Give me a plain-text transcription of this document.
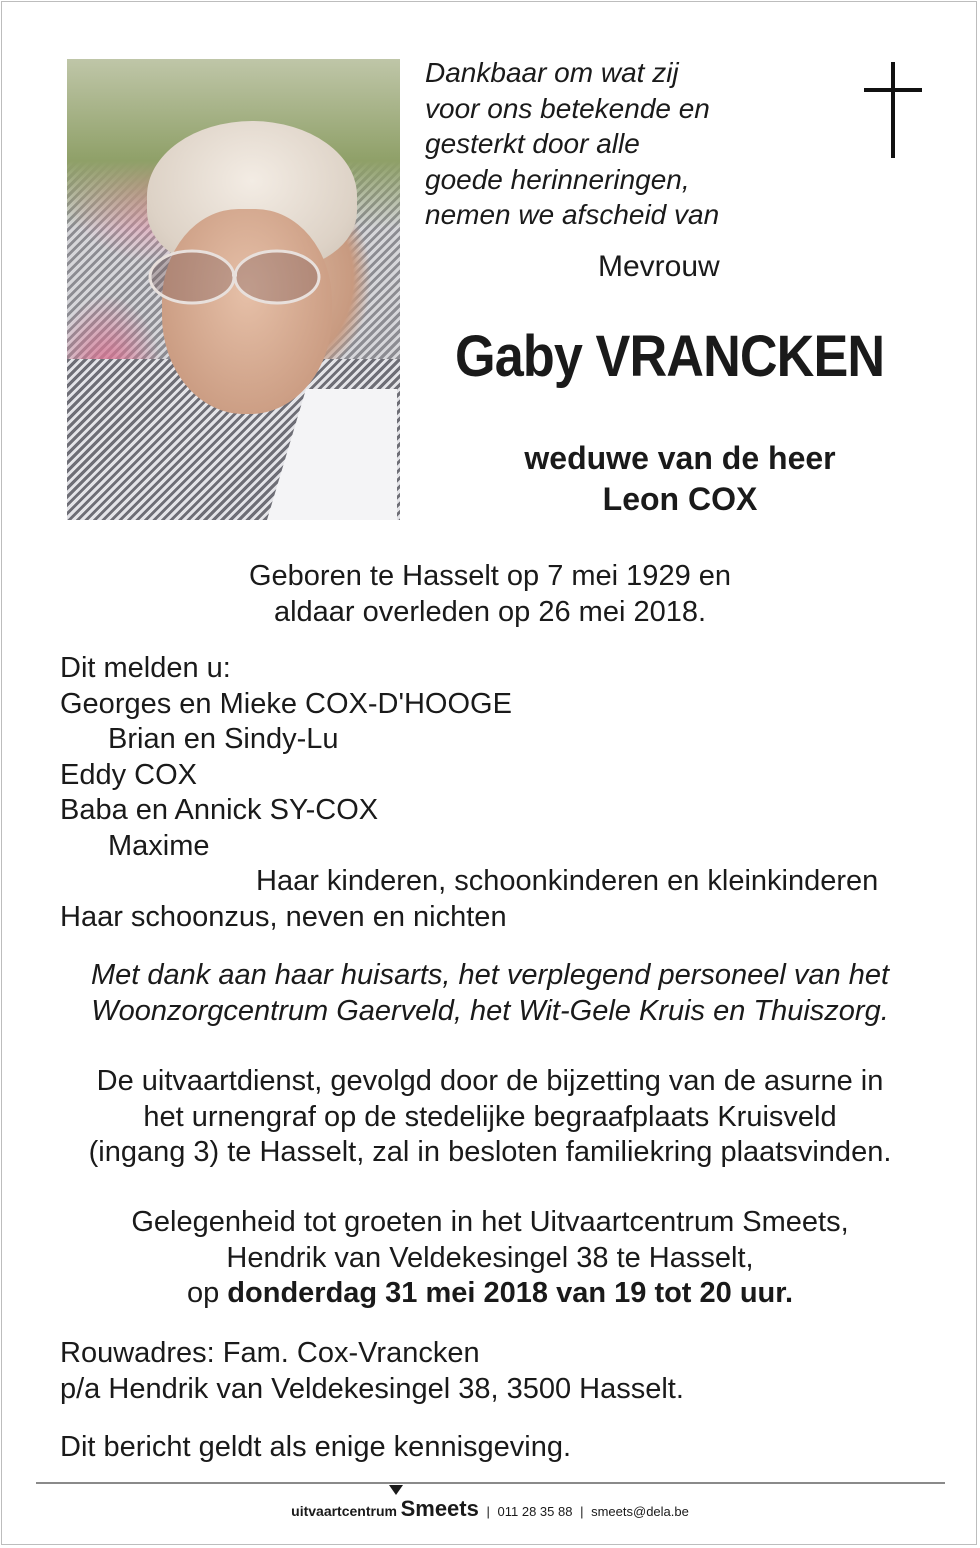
Dankbaar om wat zij
voor ons betekende en
gesterkt door alle
goede herinneringen,
nemen we afscheid van
Mevrouw
Gaby VRANCKEN
weduwe van de heer
Leon COX
Geboren te Hasselt op 7 mei 1929 en
aldaar overleden op 26 mei 2018.
Dit melden u:
Georges en Mieke COX-D'HOOGE
Brian en Sindy-Lu
Eddy COX
Baba en Annick SY-COX
Maxime
Haar kinderen, schoonkinderen en kleinkinderen
Haar schoonzus, neven en nichten
Met dank aan haar huisarts, het verplegend personeel van het
Woonzorgcentrum Gaerveld, het Wit-Gele Kruis en Thuiszorg.
De uitvaartdienst, gevolgd door de bijzetting van de asurne in
het urnengraf op de stedelijke begraafplaats Kruisveld
(ingang 3) te Hasselt, zal in besloten familiekring plaatsvinden.
Gelegenheid tot groeten in het Uitvaartcentrum Smeets,
Hendrik van Veldekesingel 38 te Hasselt,
op donderdag 31 mei 2018 van 19 tot 20 uur.
Rouwadres: Fam. Cox-Vrancken
p/a Hendrik van Veldekesingel 38, 3500 Hasselt.
Dit bericht geldt als enige kennisgeving.
uitvaartcentrum Smeets | 011 28 35 88 | smeets@dela.be
